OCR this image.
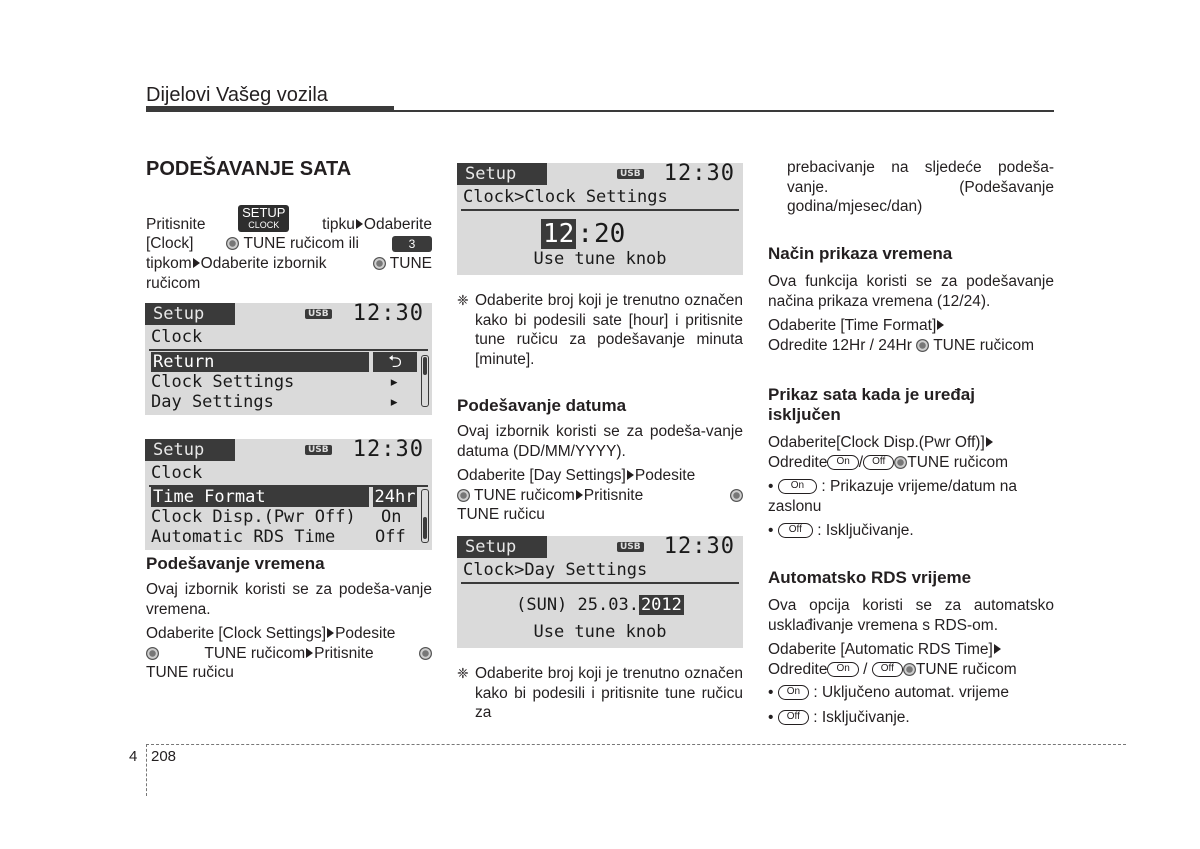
Dijelovi Vašeg vozila
PODEŠAVANJE SATA
Pritisnite
SETUP
CLOCK	tipku Odaberite
[Clock]	TUNE ručicom ili	3
tipkom Odaberite izbornik	TUNE
ručicom
Setup	USB 12:30
Clock
Return	⮌
Clock Settings	▸
Day Settings	▸
Setup	USB 12:30
Clock
Time Format	24hr
Clock Disp.(Pwr Off) On
Automatic RDS Time Off
Podešavanje vremena

Ovaj izbornik koristi se za podeša-vanje vremena.

Odaberite [Clock Settings] Podesite
TUNE ručicom Pritisnite
TUNE ručicu
Setup	USB 12:30
Clock>Clock Settings
12 : 20
Use tune knob
❈ Odaberite broj koji je trenutno označen kako bi podesili sate [hour] i pritisnite tune ručicu za podešavanje minuta [minute].

Podešavanje datuma

Ovaj izbornik koristi se za podeša-vanje datuma (DD/MM/YYYY).

Odaberite [Day Settings] Podesite
TUNE ručicom Pritisnite
TUNE ručicu
Setup	USB 12:30
Clock>Day Settings
(SUN) 25.03. 2012
Use tune knob
❈ Odaberite broj koji je trenutno označen kako bi podesili i pritisnite tune ručicu za

prebacivanje na sljedeće podeša-vanje. (Podešavanje godina/mjesec/dan)

Način prikaza vremena

Ova funkcija koristi se za podešavanje načina prikaza vremena (12/24).

Odaberite [Time Format]
Odredite 12Hr / 24Hr TUNE ručicom
Prikaz sata kada je uređaj isključen
Odaberite[Clock Disp.(Pwr Off)]
Odredite On / Off TUNE ručicom
• On : Prikazuje vrijeme/datum na zaslonu
• Off : Isključivanje.
Automatsko RDS vrijeme

Ova opcija koristi se za automatsko usklađivanje vremena s RDS-om.

Odaberite [Automatic RDS Time]
Odredite On / Off TUNE ručicom
• On : Uključeno automat. vrijeme
• Off : Isključivanje.
4 208
